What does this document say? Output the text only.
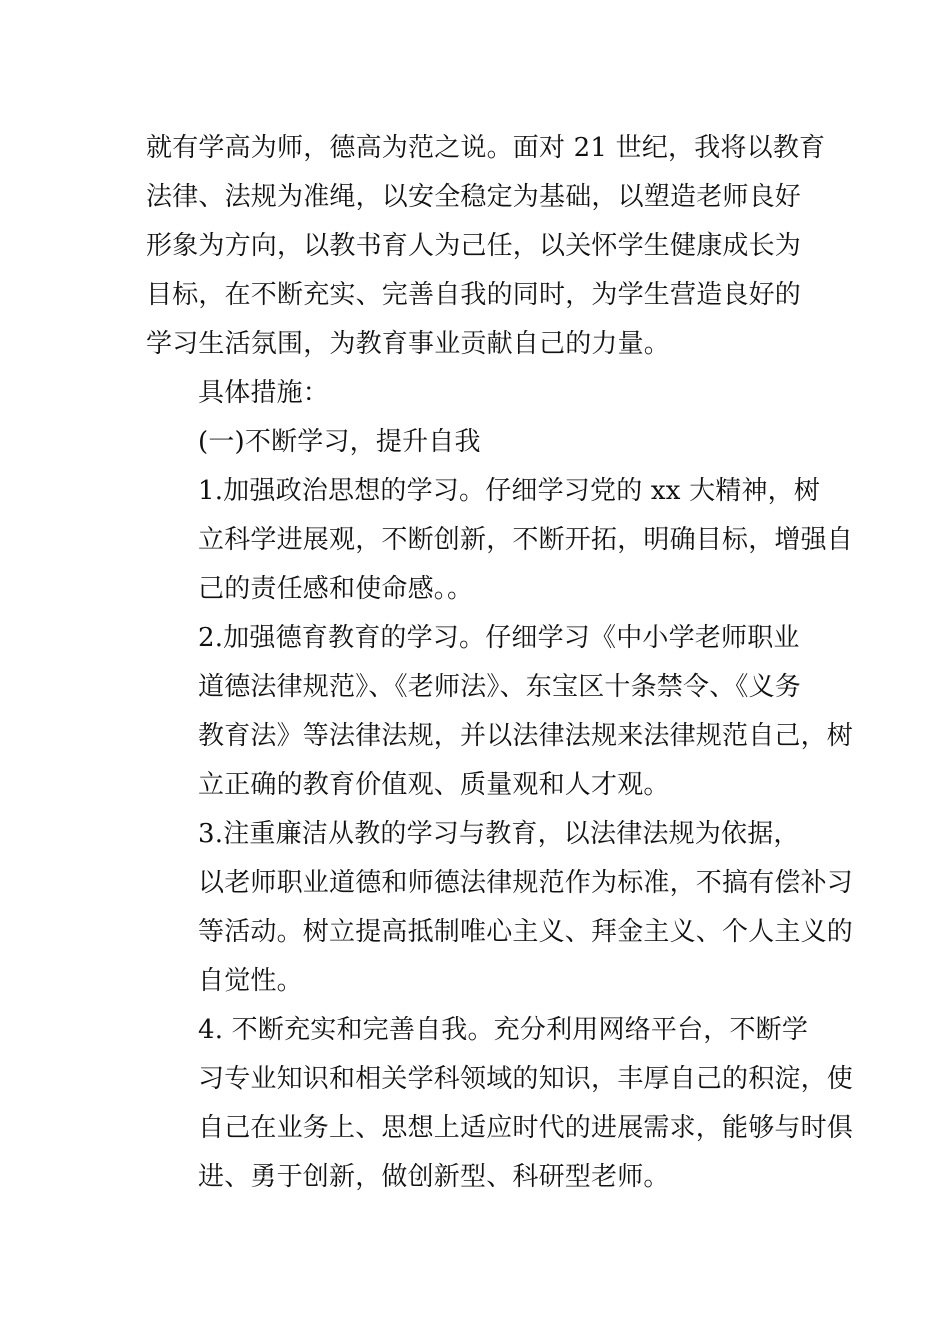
就有学高为师，德高为范之说。面对 21 世纪，我将以教育
法律、法规为准绳，以安全稳定为基础，以塑造老师良好
形象为方向，以教书育人为己任，以关怀学生健康成长为
目标，在不断充实、完善自我的同时，为学生营造良好的
学习生活氛围，为教育事业贡献自己的力量。

具体措施：

(一)不断学习，提升自我

1.加强政治思想的学习。仔细学习党的 xx 大精神，树
立科学进展观，不断创新，不断开拓，明确目标，增强自
己的责任感和使命感。。

2.加强德育教育的学习。仔细学习《中小学老师职业
道德法律规范》、《老师法》、东宝区十条禁令、《义务
教育法》等法律法规，并以法律法规来法律规范自己，树
立正确的教育价值观、质量观和人才观。

3.注重廉洁从教的学习与教育，以法律法规为依据，
以老师职业道德和师德法律规范作为标准，不搞有偿补习
等活动。树立提高抵制唯心主义、拜金主义、个人主义的
自觉性。

4. 不断充实和完善自我。充分利用网络平台，不断学
习专业知识和相关学科领域的知识，丰厚自己的积淀，使
自己在业务上、思想上适应时代的进展需求，能够与时俱
进、勇于创新，做创新型、科研型老师。
